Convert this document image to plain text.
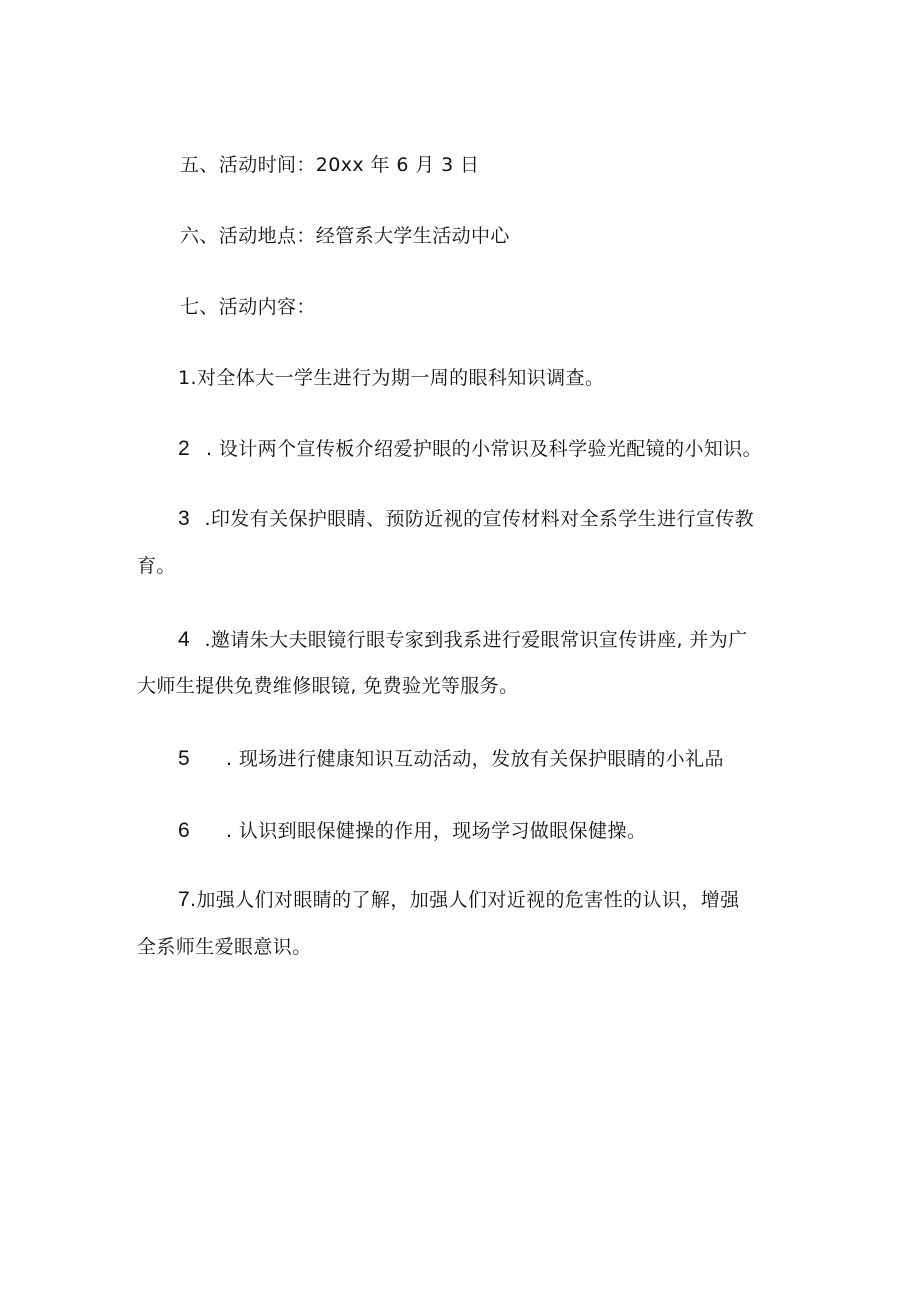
五、活动时间：20xx 年 6 月 3 日
六、活动地点：经管系大学生活动中心
七、活动内容：
1.对全体大一学生进行为期一周的眼科知识调查。
2 . 设计两个宣传板介绍爱护眼的小常识及科学验光配镜的小知识。
3 .印发有关保护眼睛、预防近视的宣传材料对全系学生进行宣传教
育。
4 .邀请朱大夫眼镜行眼专家到我系进行爱眼常识宣传讲座, 并为广
大师生提供免费维修眼镜, 免费验光等服务。
5 . 现场进行健康知识互动活动，发放有关保护眼睛的小礼品
6 . 认识到眼保健操的作用，现场学习做眼保健操。
7.加强人们对眼睛的了解，加强人们对近视的危害性的认识，增强
全系师生爱眼意识。
